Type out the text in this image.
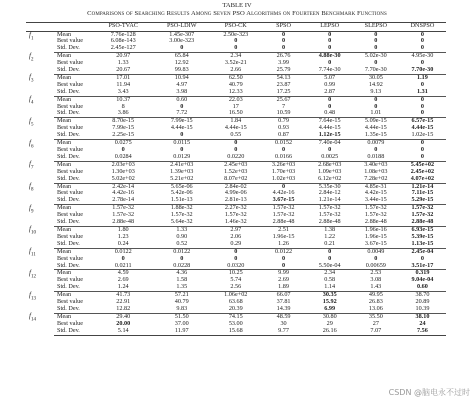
TABLE IV
Comparisons of Searching Results Among Seven PSO Algorithms on Fourteen Benchmark Functions
		PSO-TVAC	PSO-LDIW	PSO-CK	SPSO	LEPSO	SLEPSO	DNSPSO
$f_1$	Mean	7.76e-128	1.45e-307	2.50e-323	0	0	0	0
	Best value	6.08e-143	3.00e-323	0	0	0	0	0
	Std. Dev.	2.45e-127	0	0	0	0	0	0
$f_2$	Mean	20.97	65.84	2.34	26.76	4.88e-30	5.02e-30	4.95e-30
	Best value	1.33	12.92	3.52e-21	3.99	0	0	0
	Std. Dev.	20.67	99.83	2.66	25.79	7.74e-30	7.70e-30	7.70e-30
$f_3$	Mean	17.01	10.94	62.50	54.13	5.07	30.05	1.19
	Best value	11.94	4.97	40.79	23.87	0.99	14.92	0
	Std. Dev.	3.43	3.98	12.33	17.25	2.87	9.13	1.31
$f_4$	Mean	10.37	0.60	22.03	25.67	0	0	0
	Best value	8	0	17	7	0	0	0
	Std. Dev.	3.86	7.72	16.50	10.59	0.48	1.01	0
$f_5$	Mean	8.70e-15	7.99e-15	1.84	0.79	7.64e-15	5.09e-15	6.57e-15
	Best value	7.99e-15	4.44e-15	4.44e-15	0.93	4.44e-15	4.44e-15	4.44e-15
	Std. Dev.	2.25e-15	0	0.55	0.87	1.12e-15	1.35e-15	1.02e-15
$f_6$	Mean	0.0275	0.0115	0	0.0152	7.40e-04	0.0079	0
	Best value	0	0	0	0	0	0	0
	Std. Dev.	0.0284	0.0129	0.0220	0.0166	0.0025	0.0188	0
$f_7$	Mean	2.03e+03	2.41e+03	2.45e+03	3.26e+03	2.68e+03	3.40e+03	5.45e+02
	Best value	1.30e+03	1.39e+03	1.52e+03	1.70e+03	1.09e+03	1.08e+03	2.45e+02
	Std. Dev.	5.02e+02	5.21e+02	8.07e+02	1.02e+03	6.12e+02	7.28e+02	4.07e+02
$f_8$	Mean	2.42e-14	5.65e-06	2.84e-02	0	5.35e-30	4.85e-31	1.21e-14
	Best value	4.42e-16	5.42e-06	4.99e-06	4.42e-16	2.84e-12	4.42e-15	7.11e-15
	Std. Dev.	2.78e-14	1.51e-13	2.81e-13	3.67e-15	1.21e-14	3.44e-15	5.29e-15
$f_9$	Mean	1.57e-32	1.88e-32	2.27e-32	1.57e-32	1.57e-32	1.57e-32	1.57e-32
	Best value	1.57e-32	1.57e-32	1.57e-32	1.57e-32	1.57e-32	1.57e-32	1.57e-32
	Std. Dev.	2.88e-48	5.64e-32	1.46e-32	2.88e-48	2.88e-48	2.88e-48	2.88e-48
$f_{10}$	Mean	1.80	1.33	2.97	2.51	1.38	1.96e-16	6.93e-15
	Best value	1.23	0.90	2.06	1.96e-15	1.22	1.96e-15	5.39e-15
	Std. Dev.	0.24	0.52	0.29	1.26	0.21	3.67e-15	1.13e-15
$f_{11}$	Mean	0.0122	0.0122	0	0.0122	0	0.0049	2.45e-04
	Best value	0	0	0	0	0	0	0
	Std. Dev.	0.0211	0.0228	0.0320	0	5.50e-04	0.00659	3.51e-17
$f_{12}$	Mean	4.59	4.36	10.25	9.99	2.34	2.53	0.319
	Best value	2.69	1.58	5.74	2.69	0.58	3.08	9.04e-04
	Std. Dev.	1.24	1.35	2.56	1.89	1.14	1.43	0.60
$f_{13}$	Mean	41.73	57.21	1.06e+02	66.07	30.35	49.95	38.70
	Best value	22.91	40.79	63.68	37.81	15.92	26.83	20.89
	Std. Dev.	12.82	9.83	20.39	14.39	6.99	13.06	10.39
$f_{14}$	Mean	29.40	51.50	74.15	48.59	30.80	35.50	38.10
	Best value	20.00	37.00	53.00	30	29	27	24
	Std. Dev.	5.14	11.97	15.68	9.77	26.16	7.07	7.56
CSDN @脑电永不过时
